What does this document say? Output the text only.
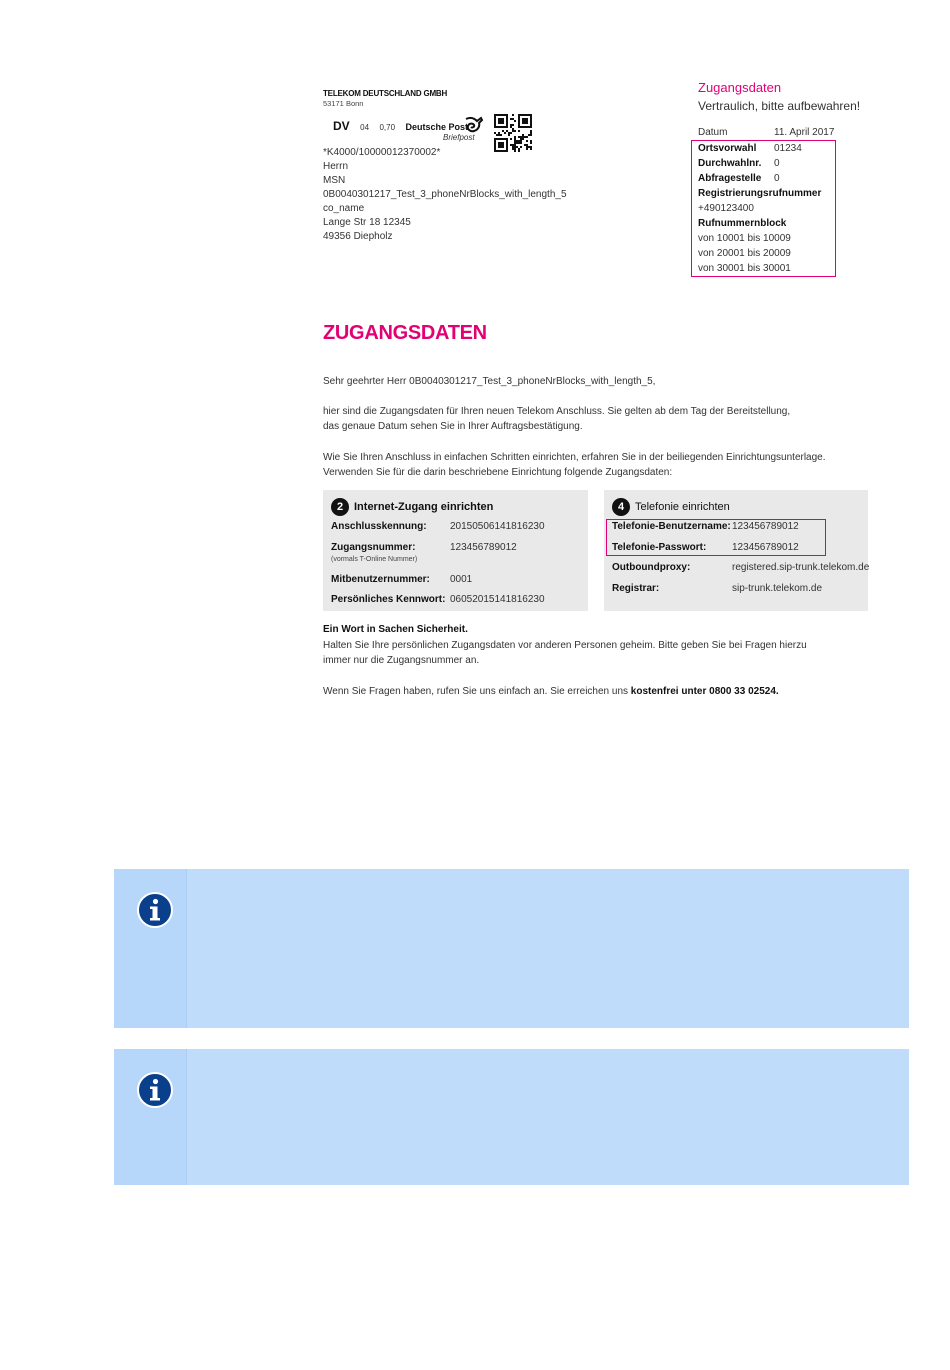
TELEKOM DEUTSCHLAND GMBH
53171 Bonn
DV 04 0,70 Deutsche Post
Briefpost
*K4000/10000012370002*
Herrn
MSN
0B0040301217_Test_3_phoneNrBlocks_with_length_5
co_name
Lange Str 18 12345
49356 Diepholz
Zugangsdaten
Vertraulich, bitte aufbewahren!
Datum	11. April 2017
Ortsvorwahl 01234
Durchwahlnr. 0
Abfragestelle 0
Registrierungsrufnummer
+490123400
Rufnummernblock
von 10001 bis 10009
von 20001 bis 20009
von 30001 bis 30001
ZUGANGSDATEN
Sehr geehrter Herr 0B0040301217_Test_3_phoneNrBlocks_with_length_5,
hier sind die Zugangsdaten für Ihren neuen Telekom Anschluss. Sie gelten ab dem Tag der Bereitstellung,
das genaue Datum sehen Sie in Ihrer Auftragsbestätigung.
Wie Sie Ihren Anschluss in einfachen Schritten einrichten, erfahren Sie in der beiliegenden Einrichtungsunterlage.
Verwenden Sie für die darin beschriebene Einrichtung folgende Zugangsdaten:
2 Internet-Zugang einrichten
Anschlusskennung: 20150506141816230
Zugangsnummer:
(vormals T-Online Nummer)
123456789012
Mitbenutzernummer: 0001
Persönliches Kennwort: 06052015141816230
4 Telefonie einrichten
Telefonie-Benutzername: 123456789012
Telefonie-Passwort:	123456789012
Outboundproxy:	registered.sip-trunk.telekom.de
Registrar:	sip-trunk.telekom.de
Ein Wort in Sachen Sicherheit.
Halten Sie Ihre persönlichen Zugangsdaten vor anderen Personen geheim. Bitte geben Sie bei Fragen hierzu
immer nur die Zugangsnummer an.
Wenn Sie Fragen haben, rufen Sie uns einfach an. Sie erreichen uns kostenfrei unter 0800 33 02524.
